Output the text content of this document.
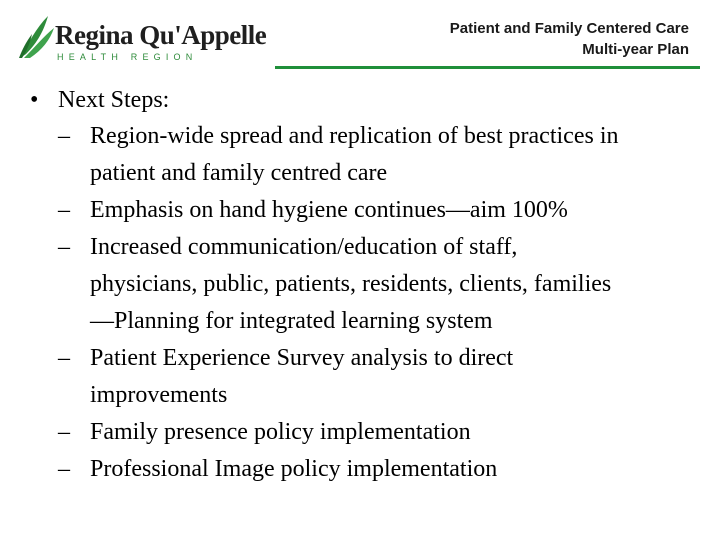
Regina Qu'Appelle
HEALTH REGION
Patient and Family Centered Care
Multi-year Plan
• Next Steps:
– Region-wide spread and replication of best practices in
patient and family centred care
– Emphasis on hand hygiene continues—aim 100%
– Increased communication/education of staff,
physicians, public, patients, residents, clients, families
—Planning for integrated learning system
– Patient Experience Survey analysis to direct
improvements
– Family presence policy implementation
– Professional Image policy implementation
